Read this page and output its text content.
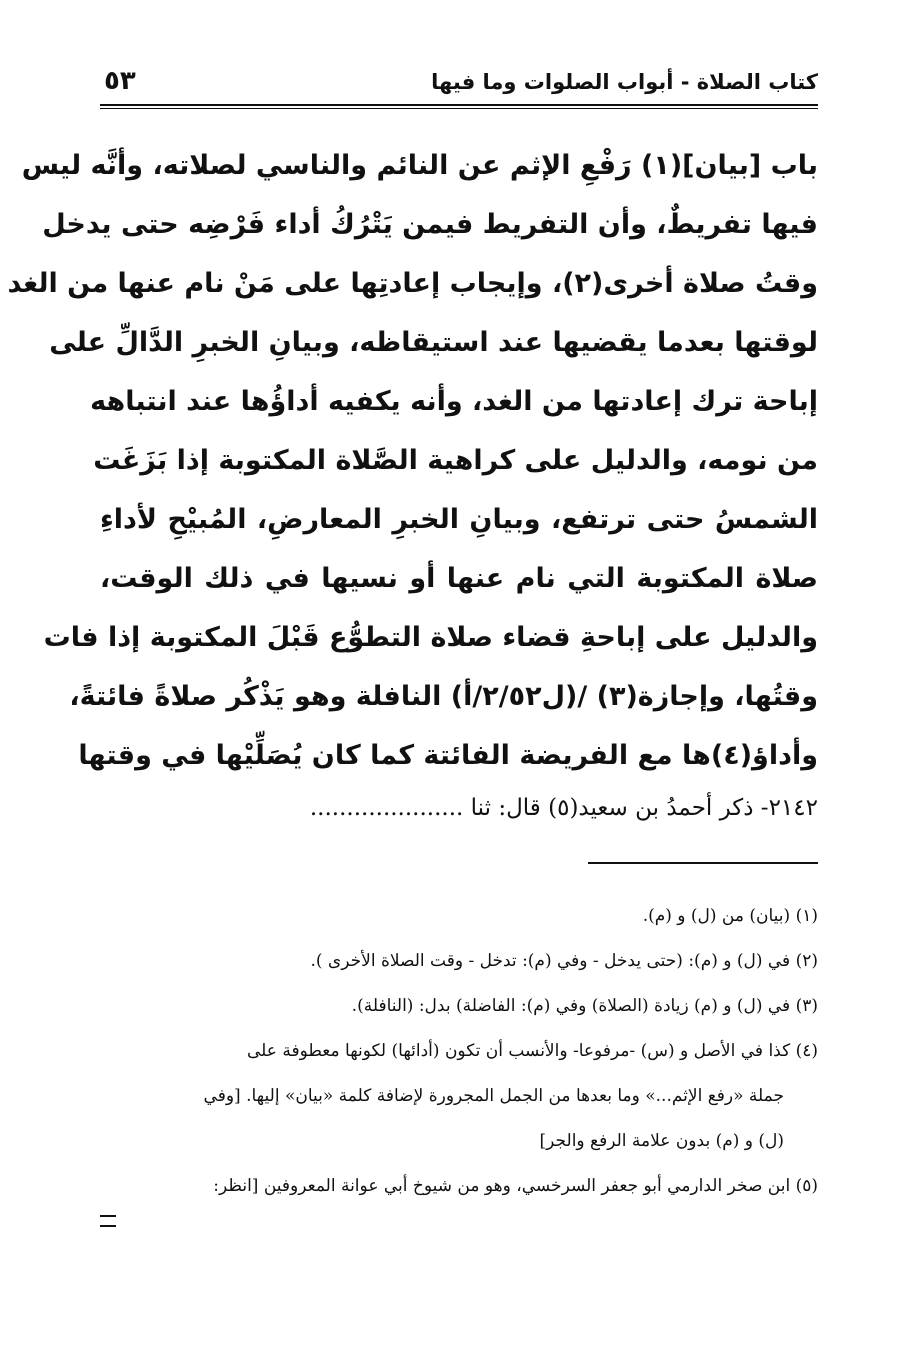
كتاب الصلاة - أبواب الصلوات وما فيها
٥٣
باب [بيان](١) رَفْعِ الإثم عن النائم والناسي لصلاته، وأنَّه ليس
فيها تفريطٌ، وأن التفريط فيمن يَتْرُكُ أداء فَرْضِه حتى يدخل
وقتُ صلاة أخرى(٢)، وإيجاب إعادتِها على مَنْ نام عنها من الغد
لوقتها بعدما يقضيها عند استيقاظه، وبيانِ الخبرِ الدَّالِّ على
إباحة ترك إعادتها من الغد، وأنه يكفيه أداؤُها عند انتباهه
من نومه، والدليل على كراهية الصَّلاة المكتوبة إذا بَزَغَت
الشمسُ حتى ترتفع، وبيانِ الخبرِ المعارضِ، المُبيْحِ لأداءِ
صلاة المكتوبة التي نام عنها أو نسيها في ذلك الوقت،
والدليل على إباحةِ قضاء صلاة التطوُّع قَبْلَ المكتوبة إذا فات
وقتُها، وإجازة(٣) /(ل٢/٥٢/أ) النافلة وهو يَذْكُر صلاةً فائتةً،
وأداؤ(٤)ها مع الفريضة الفائتة كما كان يُصَلِّيْها في وقتها
٢١٤٢- ذكر أحمدُ بن سعيد(٥) قال: ثنا .....................
(١) (بيان) من (ل) و (م).
(٢) في (ل) و (م): (حتى يدخل - وفي (م): تدخل - وقت الصلاة الأخرى ).
(٣) في (ل) و (م) زيادة (الصلاة) وفي (م): الفاضلة) بدل: (النافلة).
(٤) كذا في الأصل و (س) -مرفوعا- والأنسب أن تكون (أدائها) لكونها معطوفة على
جملة «رفع الإثم...» وما بعدها من الجمل المجرورة لإضافة كلمة «بيان» إليها. [وفي
(ل) و (م) بدون علامة الرفع والجر]
(٥) ابن صخر الدارمي أبو جعفر السرخسي، وهو من شيوخ أبي عوانة المعروفين [انظر:
